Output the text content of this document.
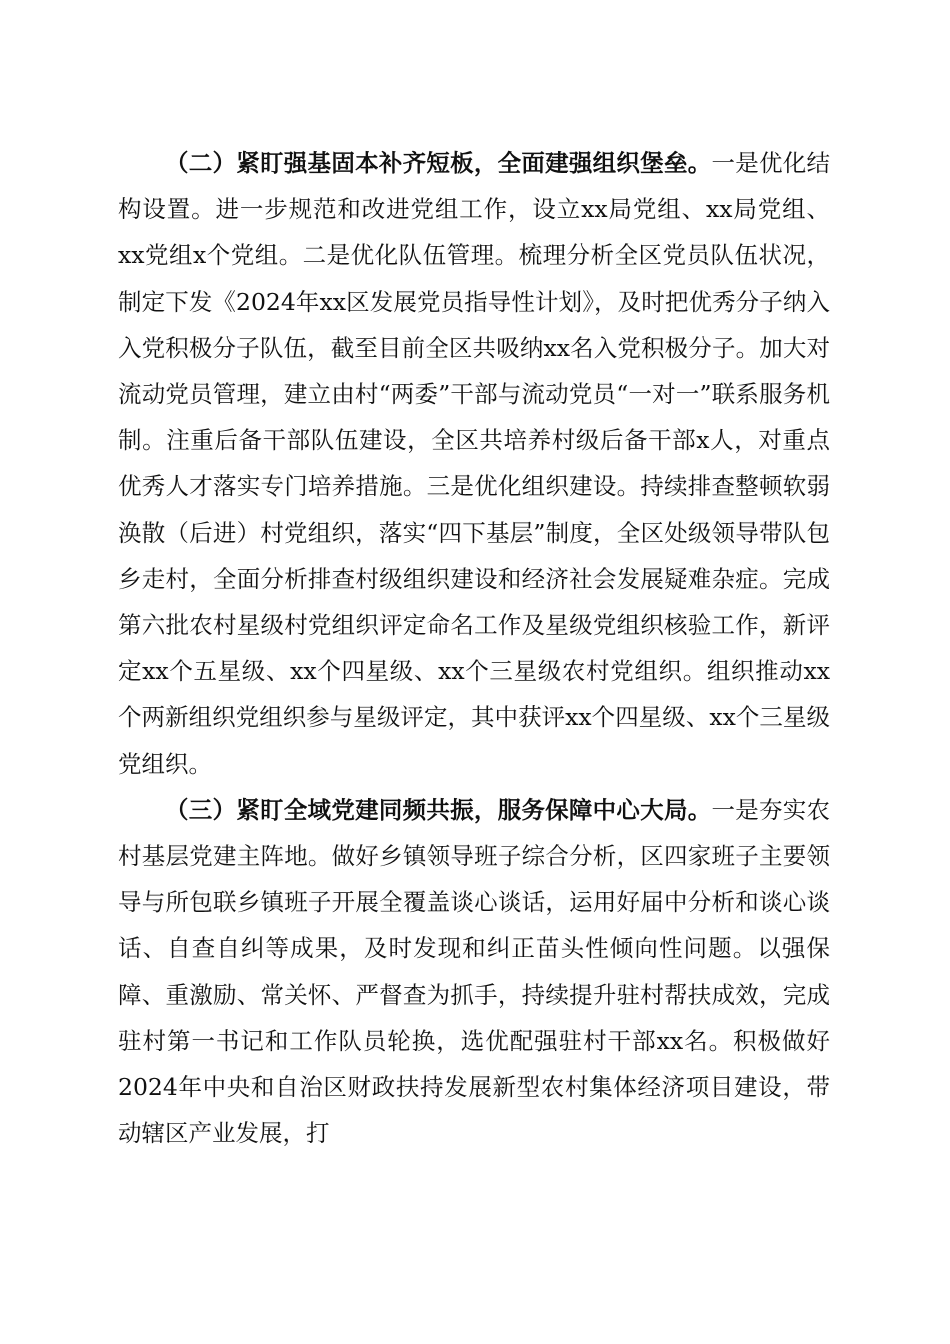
（二）紧盯强基固本补齐短板，全面建强组织堡垒。一是优化结构设置。进一步规范和改进党组工作，设立xx局党组、xx局党组、xx党组x个党组。二是优化队伍管理。梳理分析全区党员队伍状况，制定下发《2024年xx区发展党员指导性计划》，及时把优秀分子纳入入党积极分子队伍，截至目前全区共吸纳xx名入党积极分子。加大对流动党员管理，建立由村“两委”干部与流动党员“一对一”联系服务机制。注重后备干部队伍建设，全区共培养村级后备干部x人，对重点优秀人才落实专门培养措施。三是优化组织建设。持续排查整顿软弱涣散（后进）村党组织，落实“四下基层”制度，全区处级领导带队包乡走村，全面分析排查村级组织建设和经济社会发展疑难杂症。完成第六批农村星级村党组织评定命名工作及星级党组织核验工作，新评定xx个五星级、xx个四星级、xx个三星级农村党组织。组织推动xx个两新组织党组织参与星级评定，其中获评xx个四星级、xx个三星级党组织。

（三）紧盯全域党建同频共振，服务保障中心大局。一是夯实农村基层党建主阵地。做好乡镇领导班子综合分析，区四家班子主要领导与所包联乡镇班子开展全覆盖谈心谈话，运用好届中分析和谈心谈话、自查自纠等成果，及时发现和纠正苗头性倾向性问题。以强保障、重激励、常关怀、严督查为抓手，持续提升驻村帮扶成效，完成驻村第一书记和工作队员轮换，选优配强驻村干部xx名。积极做好2024年中央和自治区财政扶持发展新型农村集体经济项目建设，带动辖区产业发展，打
